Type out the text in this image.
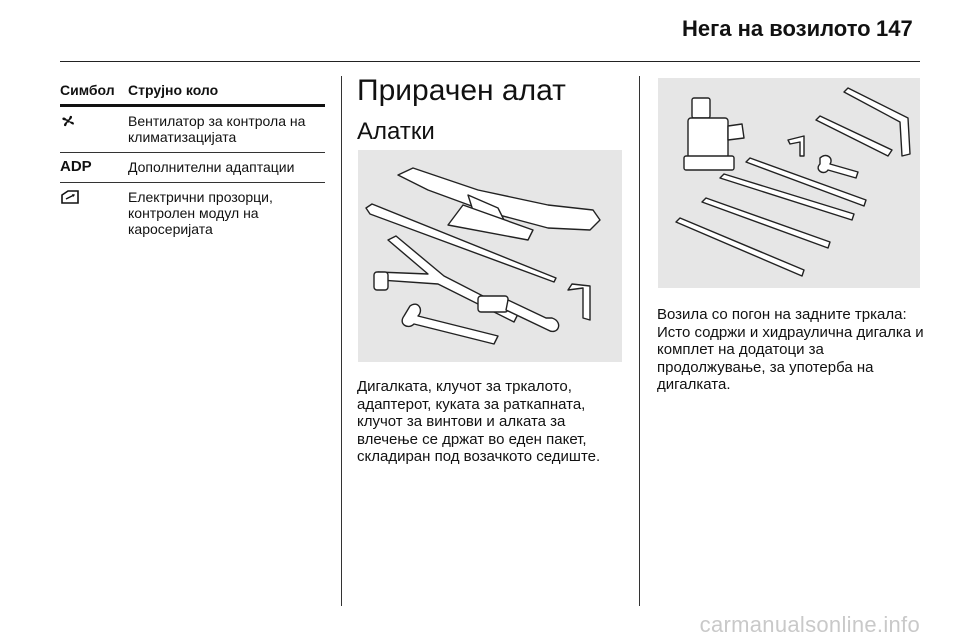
Нега на возилото 147
Симбол Струјно коло
Вентилатор за контрола на климатизацијата
ADP	Дополнителни адаптации
Електрични прозорци, контролен модул на каросеријата
Прирачен алат
Алатки
Дигалката, клучот за тркалото, адаптерот, куката за раткапната, клучот за винтови и алката за влечење се држат во еден пакет, складиран под возачкото седиште.
Возила со погон на задните тркала: Исто содржи и хидраулична дигалка и комплет на додатоци за продолжување, за употерба на дигалката.
carmanualsonline.info
